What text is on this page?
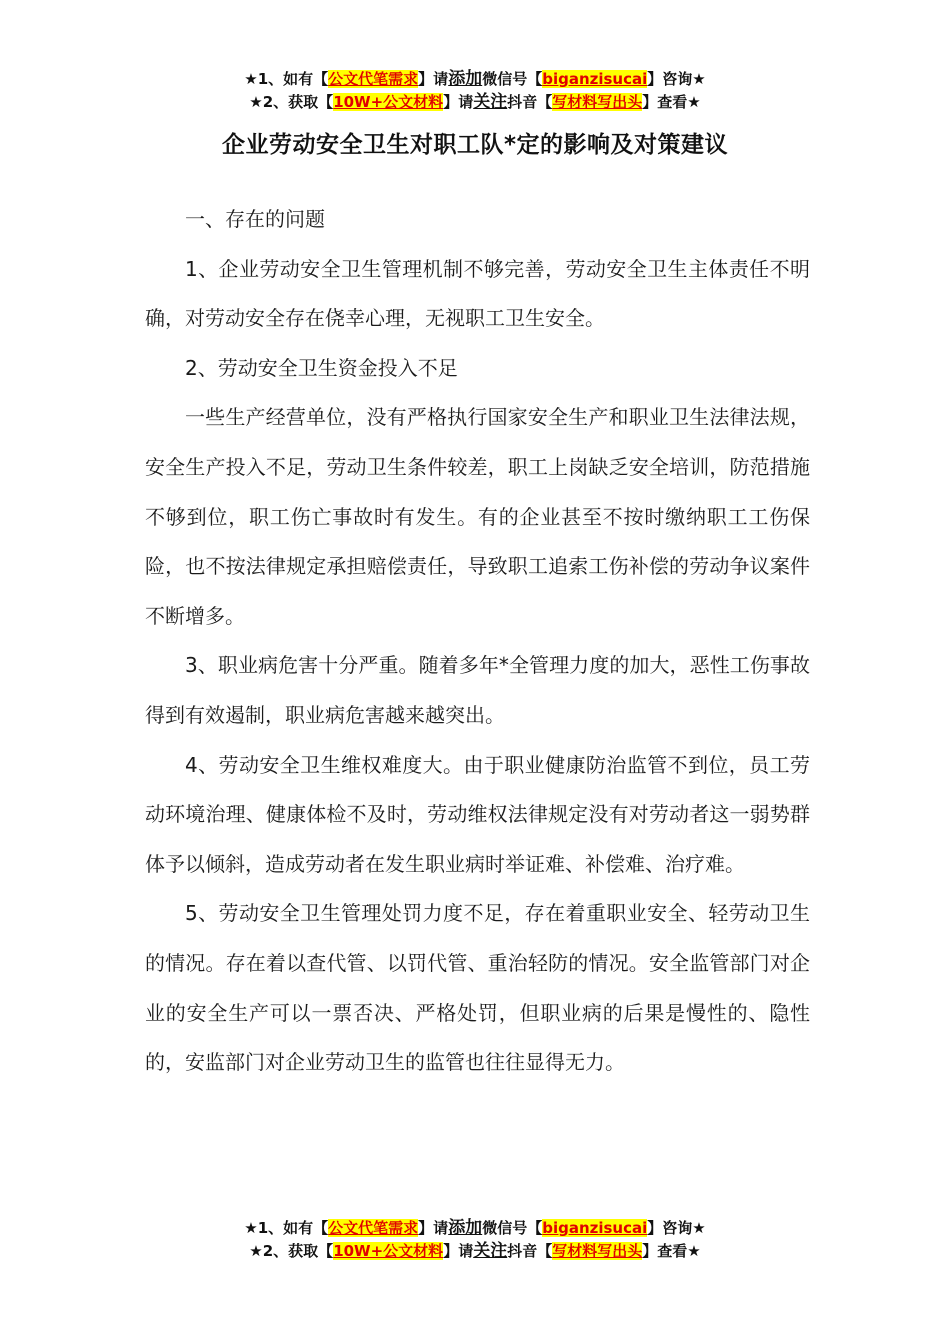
★1、如有【公文代笔需求】请添加微信号【biganzisucai】咨询★
★2、获取【10W+公文材料】请关注抖音【写材料写出头】查看★
企业劳动安全卫生对职工队*定的影响及对策建议

一、存在的问题

1、企业劳动安全卫生管理机制不够完善，劳动安全卫生主体责任不明确，对劳动安全存在侥幸心理，无视职工卫生安全。

2、劳动安全卫生资金投入不足

一些生产经营单位，没有严格执行国家安全生产和职业卫生法律法规，安全生产投入不足，劳动卫生条件较差，职工上岗缺乏安全培训，防范措施不够到位，职工伤亡事故时有发生。有的企业甚至不按时缴纳职工工伤保险，也不按法律规定承担赔偿责任，导致职工追索工伤补偿的劳动争议案件不断增多。

3、职业病危害十分严重。随着多年*全管理力度的加大，恶性工伤事故得到有效遏制，职业病危害越来越突出。

4、劳动安全卫生维权难度大。由于职业健康防治监管不到位，员工劳动环境治理、健康体检不及时，劳动维权法律规定没有对劳动者这一弱势群体予以倾斜，造成劳动者在发生职业病时举证难、补偿难、治疗难。

5、劳动安全卫生管理处罚力度不足，存在着重职业安全、轻劳动卫生的情况。存在着以查代管、以罚代管、重治轻防的情况。安全监管部门对企业的安全生产可以一票否决、严格处罚，但职业病的后果是慢性的、隐性的，安监部门对企业劳动卫生的监管也往往显得无力。

★1、如有【公文代笔需求】请添加微信号【biganzisucai】咨询★
★2、获取【10W+公文材料】请关注抖音【写材料写出头】查看★
